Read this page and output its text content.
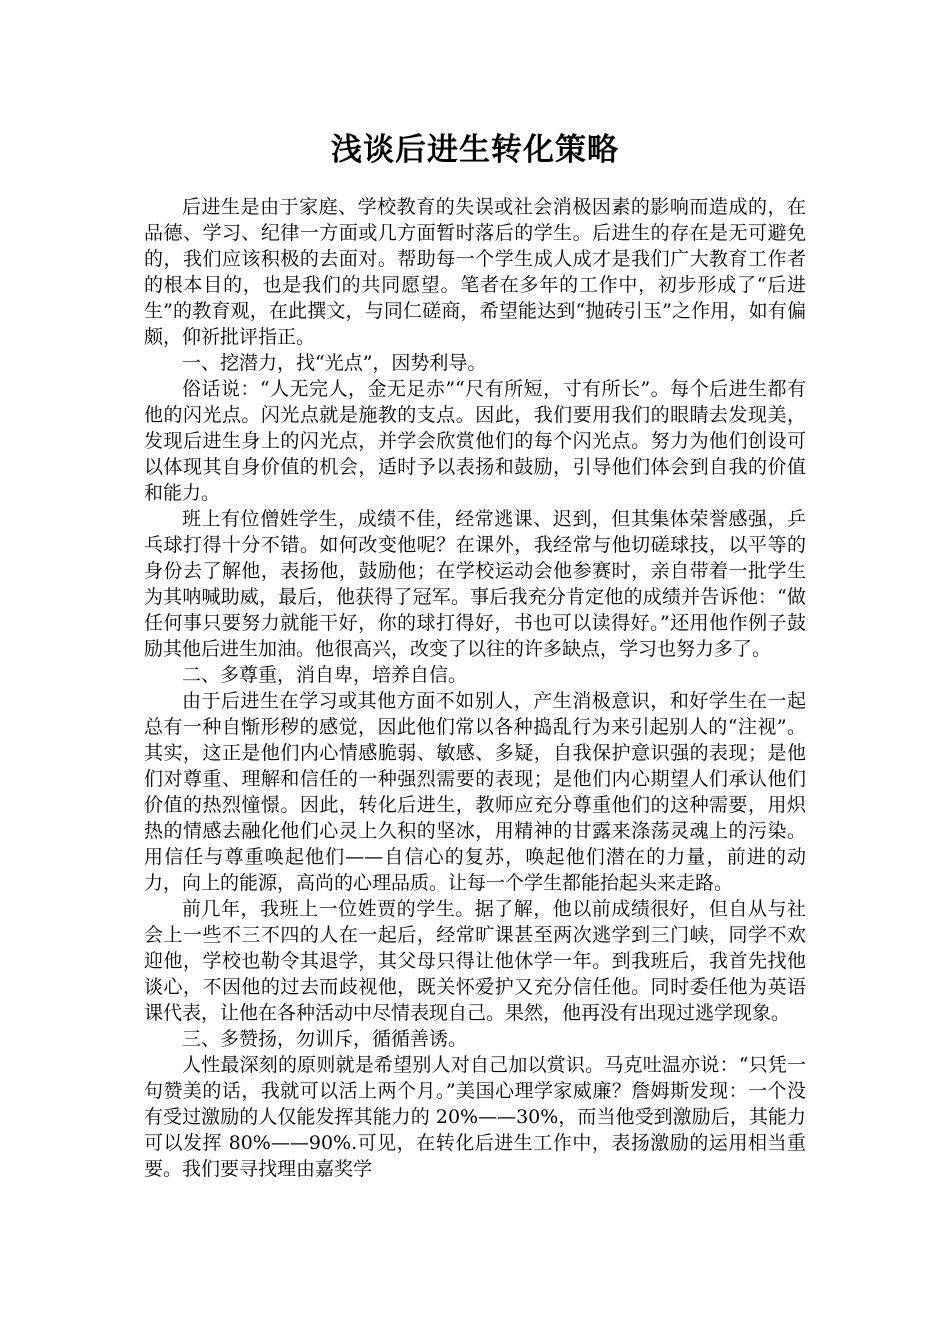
浅谈后进生转化策略

后进生是由于家庭、学校教育的失误或社会消极因素的影响而造成的，在品德、学习、纪律一方面或几方面暂时落后的学生。后进生的存在是无可避免的，我们应该积极的去面对。帮助每一个学生成人成才是我们广大教育工作者的根本目的，也是我们的共同愿望。笔者在多年的工作中，初步形成了“后进生”的教育观，在此撰文，与同仁磋商，希望能达到“抛砖引玉”之作用，如有偏颇，仰祈批评指正。

一、挖潜力，找“光点”，因势利导。

俗话说：“人无完人，金无足赤”“尺有所短，寸有所长”。每个后进生都有他的闪光点。闪光点就是施教的支点。因此，我们要用我们的眼睛去发现美，发现后进生身上的闪光点，并学会欣赏他们的每个闪光点。努力为他们创设可以体现其自身价值的机会，适时予以表扬和鼓励，引导他们体会到自我的价值和能力。

班上有位僧姓学生，成绩不佳，经常逃课、迟到，但其集体荣誉感强，乒乓球打得十分不错。如何改变他呢？在课外，我经常与他切磋球技，以平等的身份去了解他，表扬他，鼓励他；在学校运动会他参赛时，亲自带着一批学生为其呐喊助威，最后，他获得了冠军。事后我充分肯定他的成绩并告诉他：“做任何事只要努力就能干好，你的球打得好，书也可以读得好。”还用他作例子鼓励其他后进生加油。他很高兴，改变了以往的许多缺点，学习也努力多了。

二、多尊重，消自卑，培养自信。

由于后进生在学习或其他方面不如别人，产生消极意识，和好学生在一起总有一种自惭形秽的感觉，因此他们常以各种捣乱行为来引起别人的“注视”。其实，这正是他们内心情感脆弱、敏感、多疑，自我保护意识强的表现；是他们对尊重、理解和信任的一种强烈需要的表现；是他们内心期望人们承认他们价值的热烈憧憬。因此，转化后进生，教师应充分尊重他们的这种需要，用炽热的情感去融化他们心灵上久积的坚冰，用精神的甘露来涤荡灵魂上的污染。用信任与尊重唤起他们——自信心的复苏，唤起他们潜在的力量，前进的动力，向上的能源，高尚的心理品质。让每一个学生都能抬起头来走路。

前几年，我班上一位姓贾的学生。据了解，他以前成绩很好，但自从与社会上一些不三不四的人在一起后，经常旷课甚至两次逃学到三门峡，同学不欢迎他，学校也勒令其退学，其父母只得让他休学一年。到我班后，我首先找他谈心，不因他的过去而歧视他，既关怀爱护又充分信任他。同时委任他为英语课代表，让他在各种活动中尽情表现自己。果然，他再没有出现过逃学现象。

三、多赞扬，勿训斥，循循善诱。

人性最深刻的原则就是希望别人对自己加以赏识。马克吐温亦说：“只凭一句赞美的话，我就可以活上两个月。”美国心理学家威廉？詹姆斯发现：一个没有受过激励的人仅能发挥其能力的 20%——30%，而当他受到激励后，其能力可以发挥 80%——90%.可见，在转化后进生工作中，表扬激励的运用相当重要。我们要寻找理由嘉奖学
